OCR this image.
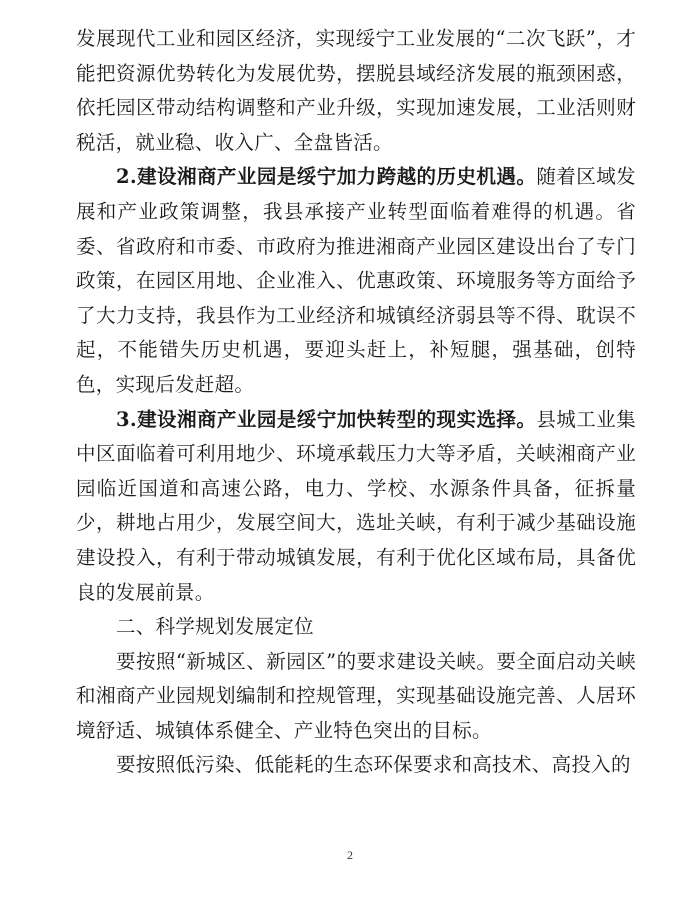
发展现代工业和园区经济，实现绥宁工业发展的“二次飞跃”，才能把资源优势转化为发展优势，摆脱县域经济发展的瓶颈困惑，依托园区带动结构调整和产业升级，实现加速发展，工业活则财税活，就业稳、收入广、全盘皆活。

2.建设湘商产业园是绥宁加力跨越的历史机遇。随着区域发展和产业政策调整，我县承接产业转型面临着难得的机遇。省委、省政府和市委、市政府为推进湘商产业园区建设出台了专门政策，在园区用地、企业准入、优惠政策、环境服务等方面给予了大力支持，我县作为工业经济和城镇经济弱县等不得、耽误不起，不能错失历史机遇，要迎头赶上，补短腿，强基础，创特色，实现后发赶超。

3.建设湘商产业园是绥宁加快转型的现实选择。县城工业集中区面临着可利用地少、环境承载压力大等矛盾，关峡湘商产业园临近国道和高速公路，电力、学校、水源条件具备，征拆量少，耕地占用少，发展空间大，选址关峡，有利于减少基础设施建设投入，有利于带动城镇发展，有利于优化区域布局，具备优良的发展前景。

二、科学规划发展定位

要按照“新城区、新园区”的要求建设关峡。要全面启动关峡和湘商产业园规划编制和控规管理，实现基础设施完善、人居环境舒适、城镇体系健全、产业特色突出的目标。

要按照低污染、低能耗的生态环保要求和高技术、高投入的

2
